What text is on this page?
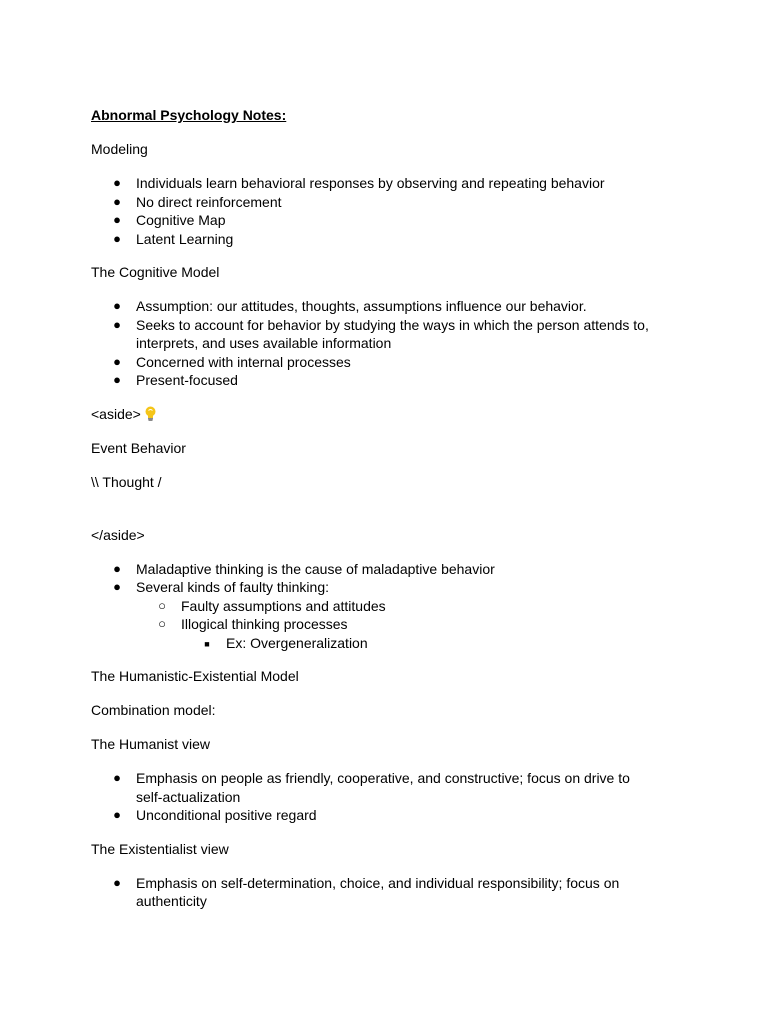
Abnormal Psychology Notes:

Modeling

● Individuals learn behavioral responses by observing and repeating behavior
● No direct reinforcement
● Cognitive Map
● Latent Learning

The Cognitive Model

● Assumption: our attitudes, thoughts, assumptions influence our behavior.
● Seeks to account for behavior by studying the ways in which the person attends to,
interprets, and uses available information
● Concerned with internal processes
● Present-focused

<aside>

Event Behavior

\\ Thought /

</aside>

● Maladaptive thinking is the cause of maladaptive behavior
● Several kinds of faulty thinking:
○ Faulty assumptions and attitudes
○ Illogical thinking processes
■ Ex: Overgeneralization

The Humanistic-Existential Model

Combination model:

The Humanist view

● Emphasis on people as friendly, cooperative, and constructive; focus on drive to
self-actualization
● Unconditional positive regard

The Existentialist view

● Emphasis on self-determination, choice, and individual responsibility; focus on
authenticity
